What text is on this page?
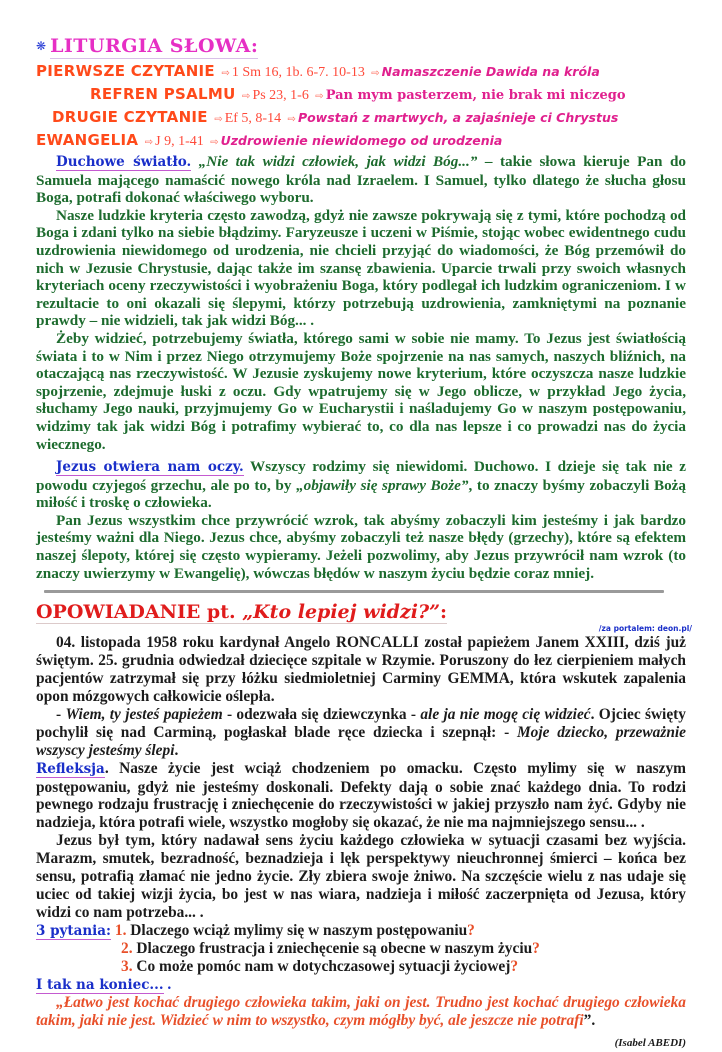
❋ LITURGIA SŁOWA:
PIERWSZE CZYTANIE ⇨ 1 Sm 16, 1b. 6-7. 10-13 ⇨ Namaszczenie Dawida na króla
REFREN PSALMU ⇨ Ps 23, 1-6 ⇨ Pan mym pasterzem, nie brak mi niczego
DRUGIE CZYTANIE ⇨ Ef 5, 8-14 ⇨ Powstań z martwych, a zajaśnieje ci Chrystus
EWANGELIA ⇨ J 9, 1-41 ⇨ Uzdrowienie niewidomego od urodzenia

Duchowe światło. „Nie tak widzi człowiek, jak widzi Bóg...” – takie słowa kieruje Pan do Samuela mającego namaścić nowego króla nad Izraelem. I Samuel, tylko dlatego że słucha głosu Boga, potrafi dokonać właściwego wyboru.

Nasze ludzkie kryteria często zawodzą, gdyż nie zawsze pokrywają się z tymi, które pochodzą od Boga i zdani tylko na siebie błądzimy. Faryzeusze i uczeni w Piśmie, stojąc wobec ewidentnego cudu uzdrowienia niewidomego od urodzenia, nie chcieli przyjąć do wiadomości, że Bóg przemówił do nich w Jezusie Chrystusie, dając także im szansę zbawienia. Uparcie trwali przy swoich własnych kryteriach oceny rzeczywistości i wyobrażeniu Boga, który podlegał ich ludzkim ograniczeniom. I w rezultacie to oni okazali się ślepymi, którzy potrzebują uzdrowienia, zamkniętymi na poznanie prawdy – nie widzieli, tak jak widzi Bóg... .

Żeby widzieć, potrzebujemy światła, którego sami w sobie nie mamy. To Jezus jest światłością świata i to w Nim i przez Niego otrzymujemy Boże spojrzenie na nas samych, naszych bliźnich, na otaczającą nas rzeczywistość. W Jezusie zyskujemy nowe kryterium, które oczyszcza nasze ludzkie spojrzenie, zdejmuje łuski z oczu. Gdy wpatrujemy się w Jego oblicze, w przykład Jego życia, słuchamy Jego nauki, przyjmujemy Go w Eucharystii i naśladujemy Go w naszym postępowaniu, widzimy tak jak widzi Bóg i potrafimy wybierać to, co dla nas lepsze i co prowadzi nas do życia wiecznego.

Jezus otwiera nam oczy. Wszyscy rodzimy się niewidomi. Duchowo. I dzieje się tak nie z powodu czyjegoś grzechu, ale po to, by „objawiły się sprawy Boże”, to znaczy byśmy zobaczyli Bożą miłość i troskę o człowieka.

Pan Jezus wszystkim chce przywrócić wzrok, tak abyśmy zobaczyli kim jesteśmy i jak bardzo jesteśmy ważni dla Niego. Jezus chce, abyśmy zobaczyli też nasze błędy (grzechy), które są efektem naszej ślepoty, której się często wypieramy. Jeżeli pozwolimy, aby Jezus przywrócił nam wzrok (to znaczy uwierzymy w Ewangelię), wówczas błędów w naszym życiu będzie coraz mniej.

OPOWIADANIE pt. „Kto lepiej widzi?”:
/za portalem: deon.pl/

04. listopada 1958 roku kardynał Angelo RONCALLI został papieżem Janem XXIII, dziś już świętym. 25. grudnia odwiedzał dziecięce szpitale w Rzymie. Poruszony do łez cierpieniem małych pacjentów zatrzymał się przy łóżku siedmioletniej Carminy GEMMA, która wskutek zapalenia opon mózgowych całkowicie oślepła.

- Wiem, ty jesteś papieżem - odezwała się dziewczynka - ale ja nie mogę cię widzieć. Ojciec święty pochylił się nad Carminą, pogłaskał blade ręce dziecka i szepnął: - Moje dziecko, przeważnie wszyscy jesteśmy ślepi.

Refleksja. Nasze życie jest wciąż chodzeniem po omacku. Często mylimy się w naszym postępowaniu, gdyż nie jesteśmy doskonali. Defekty dają o sobie znać każdego dnia. To rodzi pewnego rodzaju frustrację i zniechęcenie do rzeczywistości w jakiej przyszło nam żyć. Gdyby nie nadzieja, która potrafi wiele, wszystko mogłoby się okazać, że nie ma najmniejszego sensu... .

Jezus był tym, który nadawał sens życiu każdego człowieka w sytuacji czasami bez wyjścia. Marazm, smutek, bezradność, beznadzieja i lęk perspektywy nieuchronnej śmierci – końca bez sensu, potrafią złamać nie jedno życie. Zły zbiera swoje żniwo. Na szczęście wielu z nas udaje się uciec od takiej wizji życia, bo jest w nas wiara, nadzieja i miłość zaczerpnięta od Jezusa, który widzi co nam potrzeba... .

3 pytania: 1. Dlaczego wciąż mylimy się w naszym postępowaniu?
2. Dlaczego frustracja i zniechęcenie są obecne w naszym życiu?
3. Co może pomóc nam w dotychczasowej sytuacji życiowej?
I tak na koniec... .

„Łatwo jest kochać drugiego człowieka takim, jaki on jest. Trudno jest kochać drugiego człowieka takim, jaki nie jest. Widzieć w nim to wszystko, czym mógłby być, ale jeszcze nie potrafi”.
(Isabel ABEDI)
